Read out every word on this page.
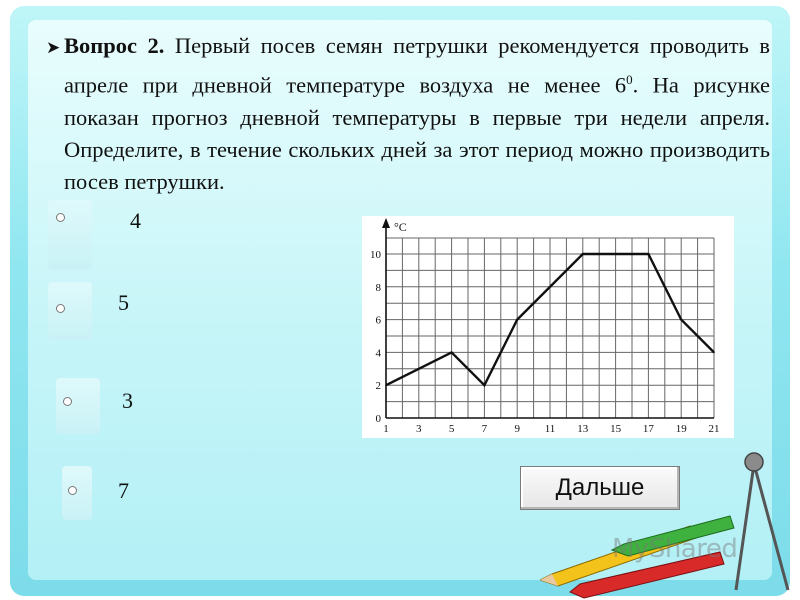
➤ Вопрос 2. Первый посев семян петрушки рекомендуется проводить в апреле при дневной температуре воздуха не менее $6^0$. На рисунке показан прогноз дневной температуры в первые три недели апреля. Определите, в течение скольких дней за этот период можно производить посев петрушки.
4
5
3
7
°C
0
2
4
6
8
10
1 3 5 7 9 11 13 15 17 19 21
Дальше
MyShared
